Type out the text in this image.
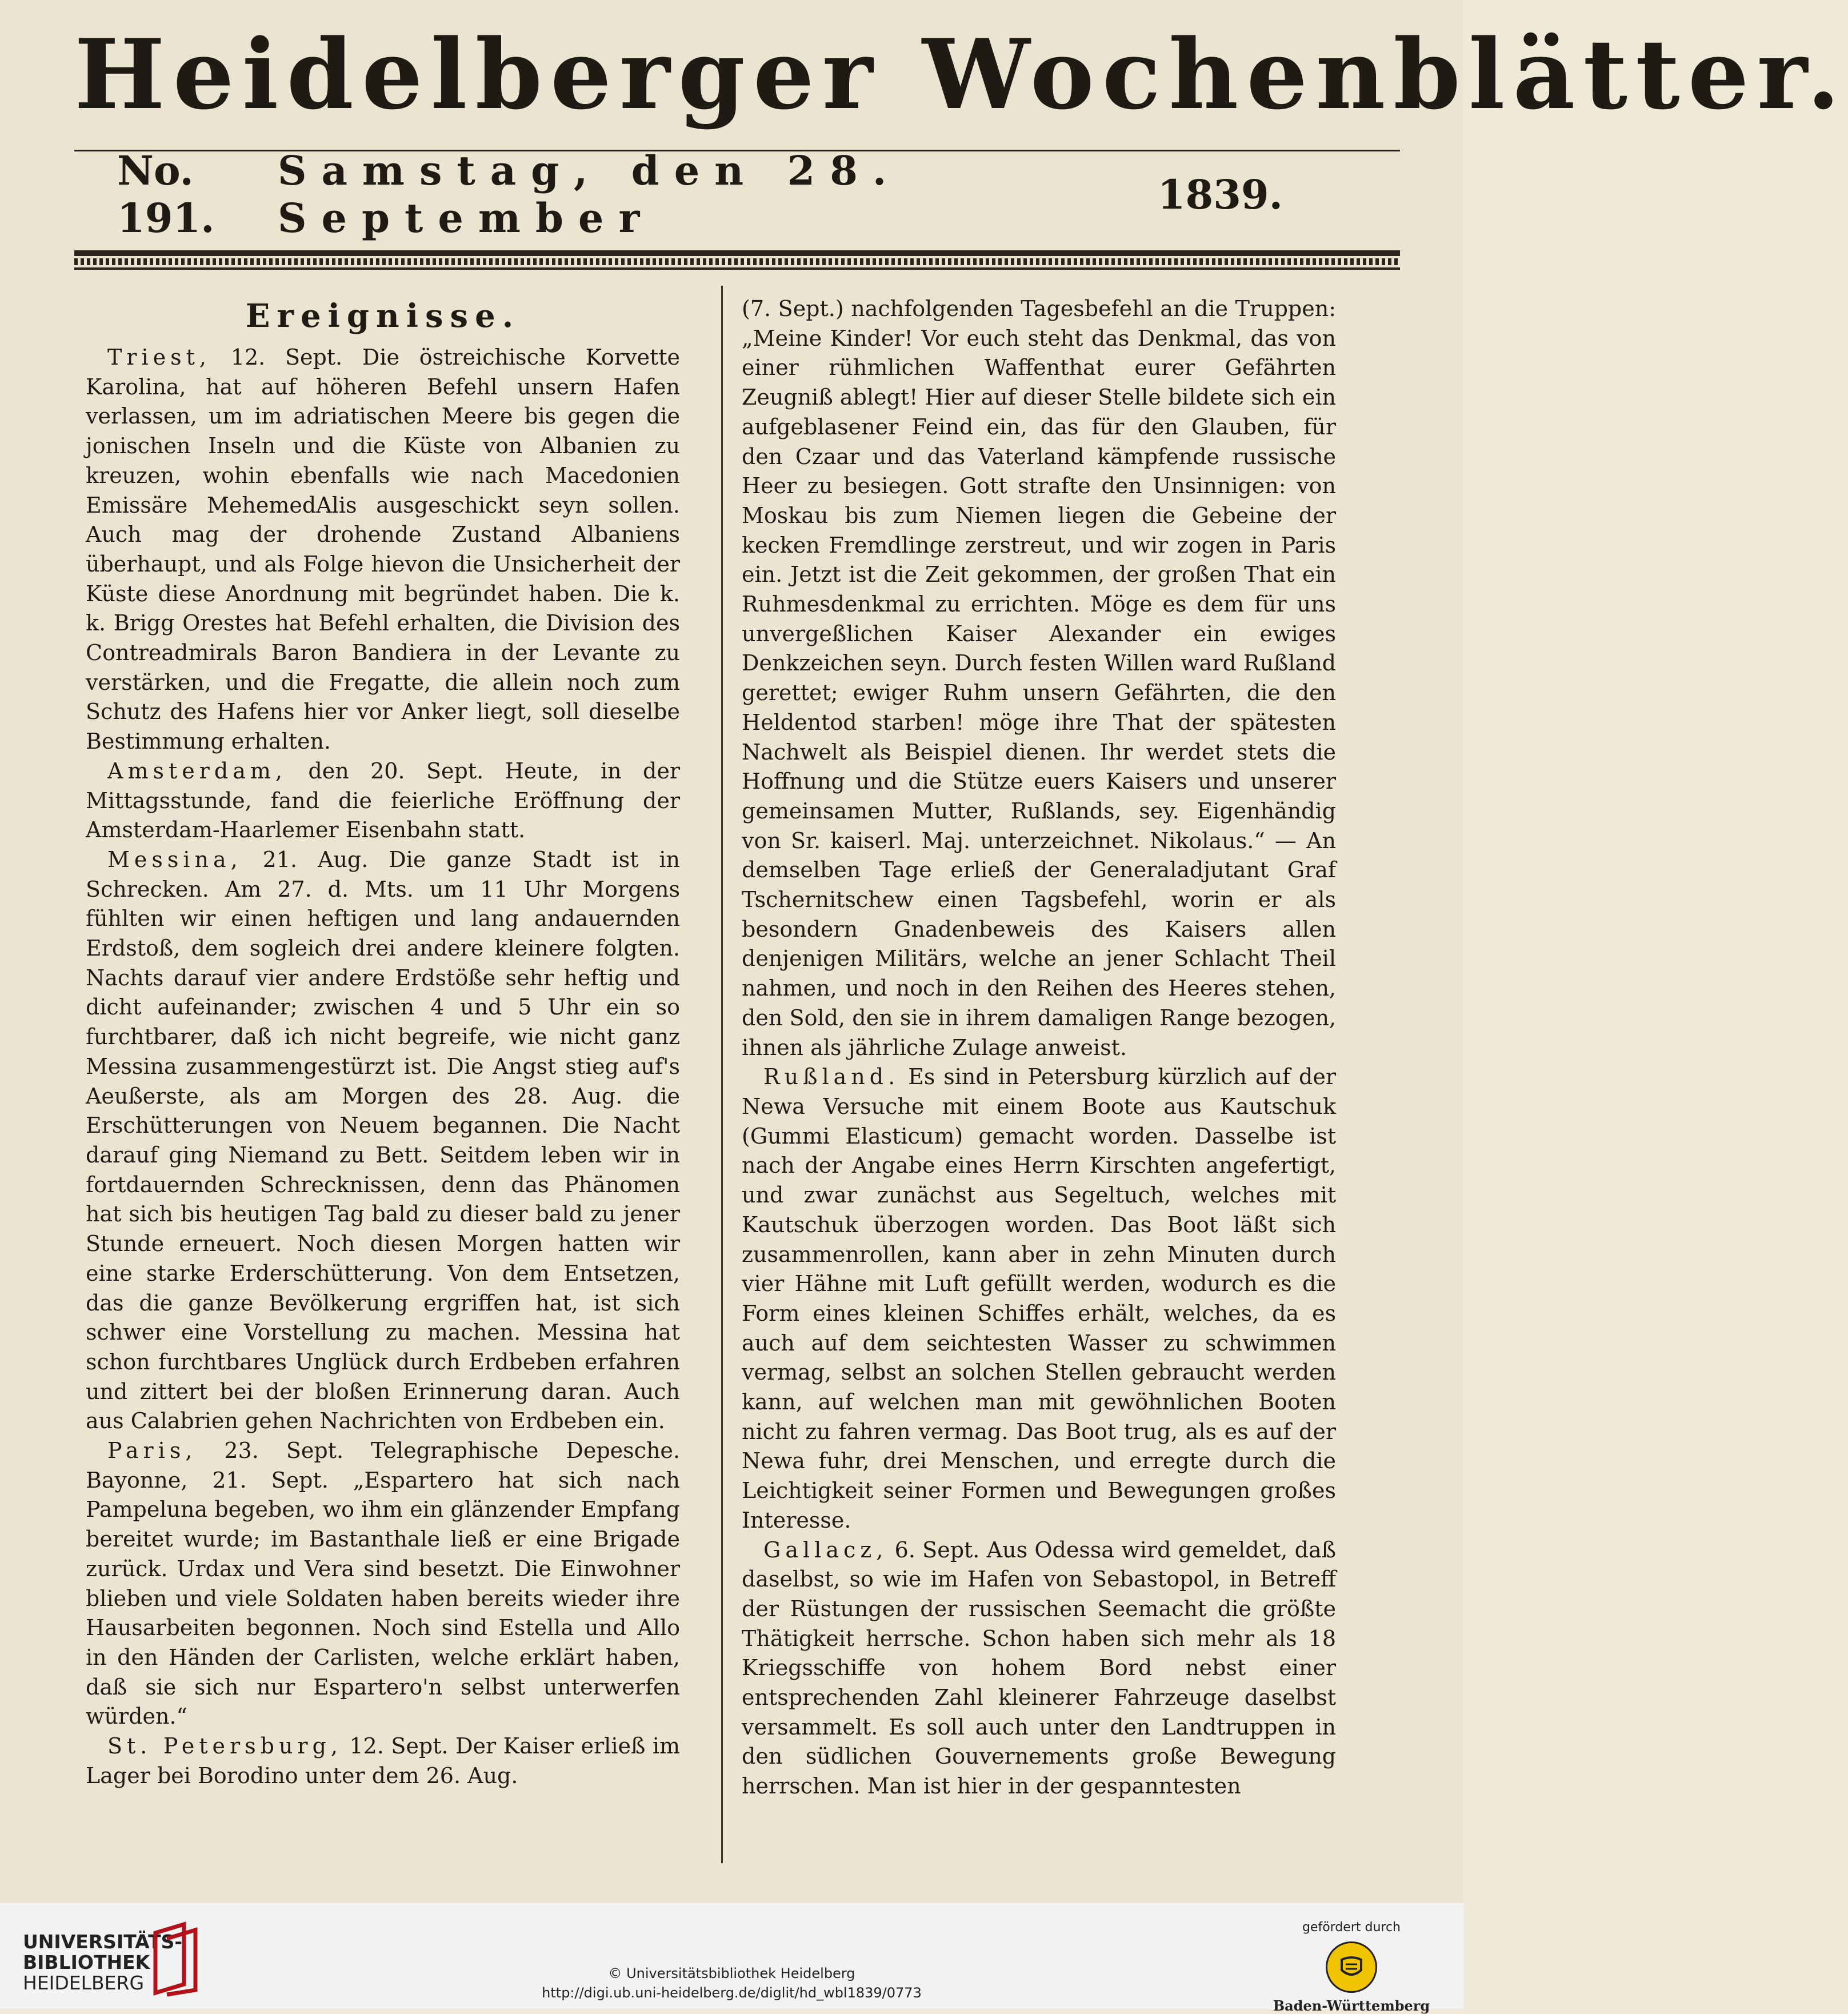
Heidelberger Wochenblätter.
No. 191.
Samstag, den 28. September	1839.
Ereignisse.

 Triest, 12. Sept. Die östreichische Korvette Karolina, hat auf höheren Befehl unsern Hafen verlassen, um im adriatischen Meere bis gegen die jonischen Inseln und die Küste von Albanien zu kreuzen, wohin ebenfalls wie nach Macedonien Emissäre MehemedAlis ausgeschickt seyn sollen. Auch mag der drohende Zustand Albaniens überhaupt, und als Folge hievon die Unsicherheit der Küste diese Anordnung mit begründet haben. Die k. k. Brigg Orestes hat Befehl erhalten, die Division des Contreadmirals Baron Bandiera in der Levante zu verstärken, und die Fregatte, die allein noch zum Schutz des Hafens hier vor Anker liegt, soll dieselbe Bestimmung erhalten.

 Amsterdam, den 20. Sept. Heute, in der Mittagsstunde, fand die feierliche Eröffnung der Amsterdam-Haarlemer Eisenbahn statt.

 Messina, 21. Aug. Die ganze Stadt ist in Schrecken. Am 27. d. Mts. um 11 Uhr Morgens fühlten wir einen heftigen und lang andauernden Erdstoß, dem sogleich drei andere kleinere folgten. Nachts darauf vier andere Erdstöße sehr heftig und dicht aufeinander; zwischen 4 und 5 Uhr ein so furchtbarer, daß ich nicht begreife, wie nicht ganz Messina zusammengestürzt ist. Die Angst stieg auf's Aeußerste, als am Morgen des 28. Aug. die Erschütterungen von Neuem begannen. Die Nacht darauf ging Niemand zu Bett. Seitdem leben wir in fortdauernden Schrecknissen, denn das Phänomen hat sich bis heutigen Tag bald zu dieser bald zu jener Stunde erneuert. Noch diesen Morgen hatten wir eine starke Erderschütterung. Von dem Entsetzen, das die ganze Bevölkerung ergriffen hat, ist sich schwer eine Vorstellung zu machen. Messina hat schon furchtbares Unglück durch Erdbeben erfahren und zittert bei der bloßen Erinnerung daran. Auch aus Calabrien gehen Nachrichten von Erdbeben ein.

 Paris, 23. Sept. Telegraphische Depesche. Bayonne, 21. Sept. „Espartero hat sich nach Pampeluna begeben, wo ihm ein glänzender Empfang bereitet wurde; im Bastanthale ließ er eine Brigade zurück. Urdax und Vera sind besetzt. Die Einwohner blieben und viele Soldaten haben bereits wieder ihre Hausarbeiten begonnen. Noch sind Estella und Allo in den Händen der Carlisten, welche erklärt haben, daß sie sich nur Espartero'n selbst unterwerfen würden.“

 St. Petersburg, 12. Sept. Der Kaiser erließ im Lager bei Borodino unter dem 26. Aug.

(7. Sept.) nachfolgenden Tagesbefehl an die Truppen: „Meine Kinder! Vor euch steht das Denkmal, das von einer rühmlichen Waffenthat eurer Gefährten Zeugniß ablegt! Hier auf dieser Stelle bildete sich ein aufgeblasener Feind ein, das für den Glauben, für den Czaar und das Vaterland kämpfende russische Heer zu besiegen. Gott strafte den Unsinnigen: von Moskau bis zum Niemen liegen die Gebeine der kecken Fremdlinge zerstreut, und wir zogen in Paris ein. Jetzt ist die Zeit gekommen, der großen That ein Ruhmesdenkmal zu errichten. Möge es dem für uns unvergeßlichen Kaiser Alexander ein ewiges Denkzeichen seyn. Durch festen Willen ward Rußland gerettet; ewiger Ruhm unsern Gefährten, die den Heldentod starben! möge ihre That der spätesten Nachwelt als Beispiel dienen. Ihr werdet stets die Hoffnung und die Stütze euers Kaisers und unserer gemeinsamen Mutter, Rußlands, sey. Eigenhändig von Sr. kaiserl. Maj. unterzeichnet. Nikolaus.“ — An demselben Tage erließ der Generaladjutant Graf Tschernitschew einen Tagsbefehl, worin er als besondern Gnadenbeweis des Kaisers allen denjenigen Militärs, welche an jener Schlacht Theil nahmen, und noch in den Reihen des Heeres stehen, den Sold, den sie in ihrem damaligen Range bezogen, ihnen als jährliche Zulage anweist.

 Rußland. Es sind in Petersburg kürzlich auf der Newa Versuche mit einem Boote aus Kautschuk (Gummi Elasticum) gemacht worden. Dasselbe ist nach der Angabe eines Herrn Kirschten angefertigt, und zwar zunächst aus Segeltuch, welches mit Kautschuk überzogen worden. Das Boot läßt sich zusammenrollen, kann aber in zehn Minuten durch vier Hähne mit Luft gefüllt werden, wodurch es die Form eines kleinen Schiffes erhält, welches, da es auch auf dem seichtesten Wasser zu schwimmen vermag, selbst an solchen Stellen gebraucht werden kann, auf welchen man mit gewöhnlichen Booten nicht zu fahren vermag. Das Boot trug, als es auf der Newa fuhr, drei Menschen, und erregte durch die Leichtigkeit seiner Formen und Bewegungen großes Interesse.

 Gallacz, 6. Sept. Aus Odessa wird gemeldet, daß daselbst, so wie im Hafen von Sebastopol, in Betreff der Rüstungen der russischen Seemacht die größte Thätigkeit herrsche. Schon haben sich mehr als 18 Kriegsschiffe von hohem Bord nebst einer entsprechenden Zahl kleinerer Fahrzeuge daselbst versammelt. Es soll auch unter den Landtruppen in den südlichen Gouvernements große Bewegung herrschen. Man ist hier in der gespanntesten

UNIVERSITÄTS-
BIBLIOTHEK
HEIDELBERG	© Universitätsbibliothek Heidelberg
http://digi.ub.uni-heidelberg.de/diglit/hd_wbl1839/0773
gefördert durch
Baden-Württemberg
